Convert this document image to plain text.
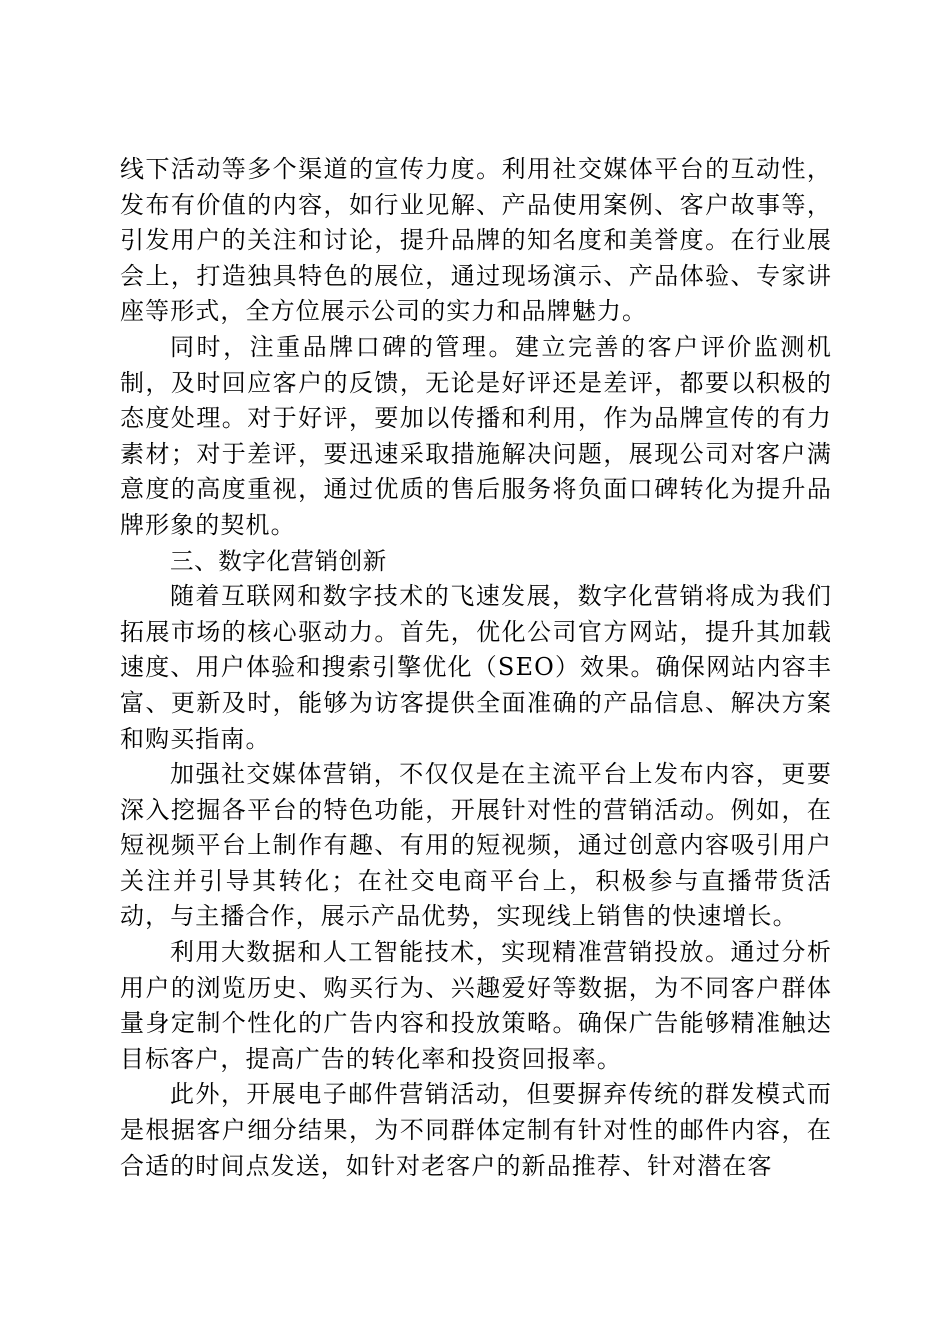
线下活动等多个渠道的宣传力度。利用社交媒体平台的互动性，发布有价值的内容，如行业见解、产品使用案例、客户故事等，引发用户的关注和讨论，提升品牌的知名度和美誉度。在行业展会上，打造独具特色的展位，通过现场演示、产品体验、专家讲座等形式，全方位展示公司的实力和品牌魅力。

同时，注重品牌口碑的管理。建立完善的客户评价监测机制，及时回应客户的反馈，无论是好评还是差评，都要以积极的态度处理。对于好评，要加以传播和利用，作为品牌宣传的有力素材；对于差评，要迅速采取措施解决问题，展现公司对客户满意度的高度重视，通过优质的售后服务将负面口碑转化为提升品牌形象的契机。

三、数字化营销创新

随着互联网和数字技术的飞速发展，数字化营销将成为我们拓展市场的核心驱动力。首先，优化公司官方网站，提升其加载速度、用户体验和搜索引擎优化（SEO）效果。确保网站内容丰富、更新及时，能够为访客提供全面准确的产品信息、解决方案和购买指南。

加强社交媒体营销，不仅仅是在主流平台上发布内容，更要深入挖掘各平台的特色功能，开展针对性的营销活动。例如，在短视频平台上制作有趣、有用的短视频，通过创意内容吸引用户关注并引导其转化；在社交电商平台上，积极参与直播带货活动，与主播合作，展示产品优势，实现线上销售的快速增长。

利用大数据和人工智能技术，实现精准营销投放。通过分析用户的浏览历史、购买行为、兴趣爱好等数据，为不同客户群体量身定制个性化的广告内容和投放策略。确保广告能够精准触达目标客户，提高广告的转化率和投资回报率。

此外，开展电子邮件营销活动，但要摒弃传统的群发模式而是根据客户细分结果，为不同群体定制有针对性的邮件内容，在合适的时间点发送，如针对老客户的新品推荐、针对潜在客
